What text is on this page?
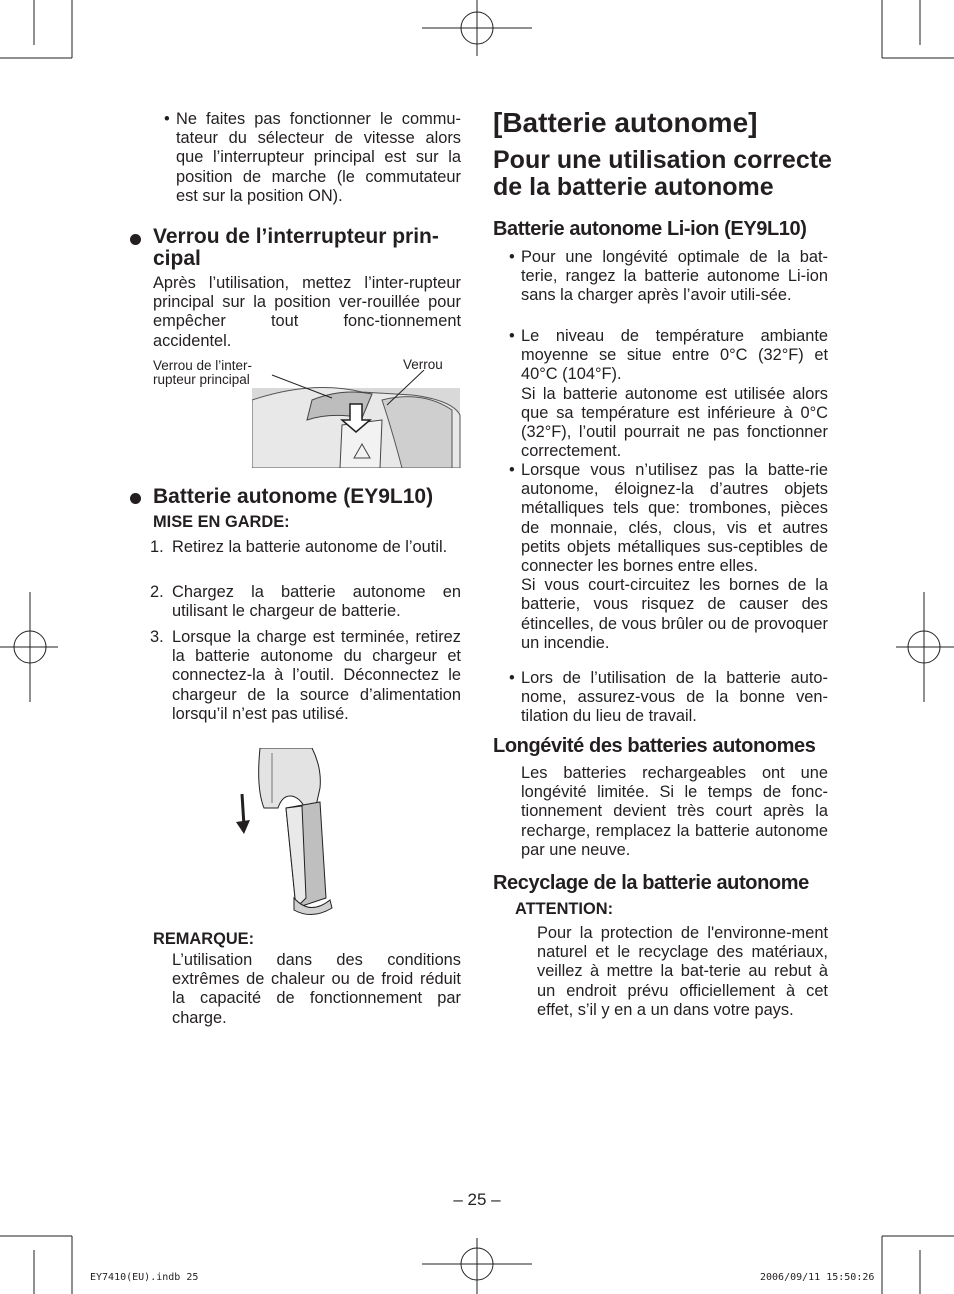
• Ne faites pas fonctionner le commu-tateur du sélecteur de vitesse alors que l’interrupteur principal est sur la position de marche (le commutateur est sur la position ON).

Verrou de l’interrupteur prin-
cipal

Après l’utilisation, mettez l’inter-rupteur principal sur la position ver-rouillée pour empêcher tout fonc-tionnement accidentel.

Verrou de l’inter-
rupteur principal
Verrou
Batterie autonome (EY9L10)
MISE EN GARDE:
1. Retirez la batterie autonome de l’outil.

2. Chargez la batterie autonome en utilisant le chargeur de batterie.

3. Lorsque la charge est terminée, retirez la batterie autonome du chargeur et connectez-la à l’outil. Déconnectez le chargeur de la source d’alimentation lorsqu’il n’est pas utilisé.

REMARQUE:

L’utilisation dans des conditions extrêmes de chaleur ou de froid réduit la capacité de fonctionnement par charge.

[Batterie autonome]
Pour une utilisation correcte
de la batterie autonome
Batterie autonome Li-ion (EY9L10)
• Pour une longévité optimale de la bat-terie, rangez la batterie autonome Li-ion sans la charger après l’avoir utili-sée.

• Le niveau de température ambiante moyenne se situe entre 0°C (32°F) et 40°C (104°F).

Si la batterie autonome est utilisée alors que sa température est inférieure à 0°C (32°F), l’outil pourrait ne pas fonctionner correctement.

• Lorsque vous n’utilisez pas la batte-rie autonome, éloignez-la d’autres objets métalliques tels que: trombones, pièces de monnaie, clés, clous, vis et autres petits objets métalliques sus-ceptibles de connecter les bornes entre elles.

Si vous court-circuitez les bornes de la batterie, vous risquez de causer des étincelles, de vous brûler ou de provoquer un incendie.

• Lors de l’utilisation de la batterie auto-nome, assurez-vous de la bonne ven-tilation du lieu de travail.

Longévité des batteries autonomes

Les batteries rechargeables ont une longévité limitée. Si le temps de fonc-tionnement devient très court après la recharge, remplacez la batterie autonome par une neuve.

Recyclage de la batterie autonome
ATTENTION:

Pour la protection de l'environne-ment naturel et le recyclage des matériaux, veillez à mettre la bat-terie au rebut à un endroit prévu officiellement à cet effet, s’il y en a un dans votre pays.

– 25 –
EY7410(EU).indb 25	2006/09/11 15:50:26
